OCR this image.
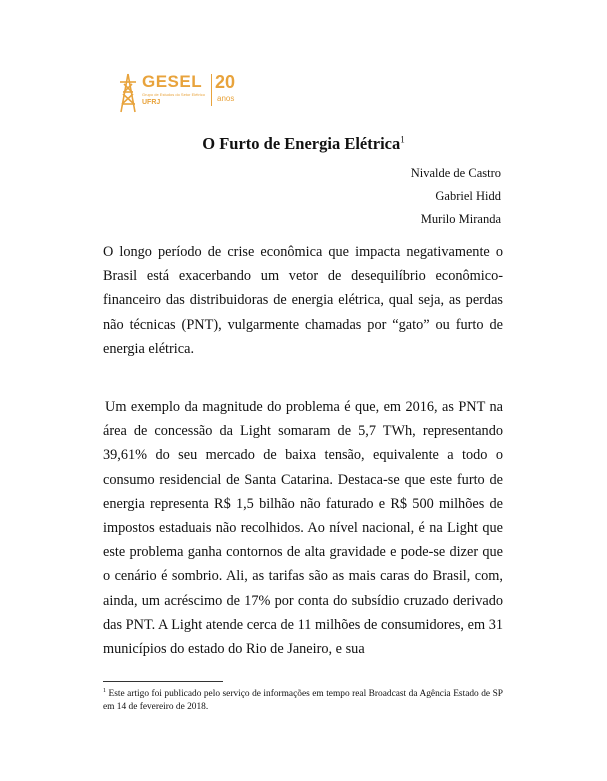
GESEL
Grupo de Estudos do Setor Elétrico
UFRJ
20
anos
O Furto de Energia Elétrica$^1$
Nivalde de Castro
Gabriel Hidd
Murilo Miranda

O longo período de crise econômica que impacta negativamente o Brasil está exacerbando um vetor de desequilíbrio econômico-financeiro das distribuidoras de energia elétrica, qual seja, as perdas não técnicas (PNT), vulgarmente chamadas por “gato” ou furto de energia elétrica.

Um exemplo da magnitude do problema é que, em 2016, as PNT na área de concessão da Light somaram de 5,7 TWh, representando 39,61% do seu mercado de baixa tensão, equivalente a todo o consumo residencial de Santa Catarina. Destaca-se que este furto de energia representa R$ 1,5 bilhão não faturado e R$ 500 milhões de impostos estaduais não recolhidos. Ao nível nacional, é na Light que este problema ganha contornos de alta gravidade e pode-se dizer que o cenário é sombrio. Ali, as tarifas são as mais caras do Brasil, com, ainda, um acréscimo de 17% por conta do subsídio cruzado derivado das PNT. A Light atende cerca de 11 milhões de consumidores, em 31 municípios do estado do Rio de Janeiro, e sua

$^1$ Este artigo foi publicado pelo serviço de informações em tempo real Broadcast da Agência Estado de SP em 14 de fevereiro de 2018.
